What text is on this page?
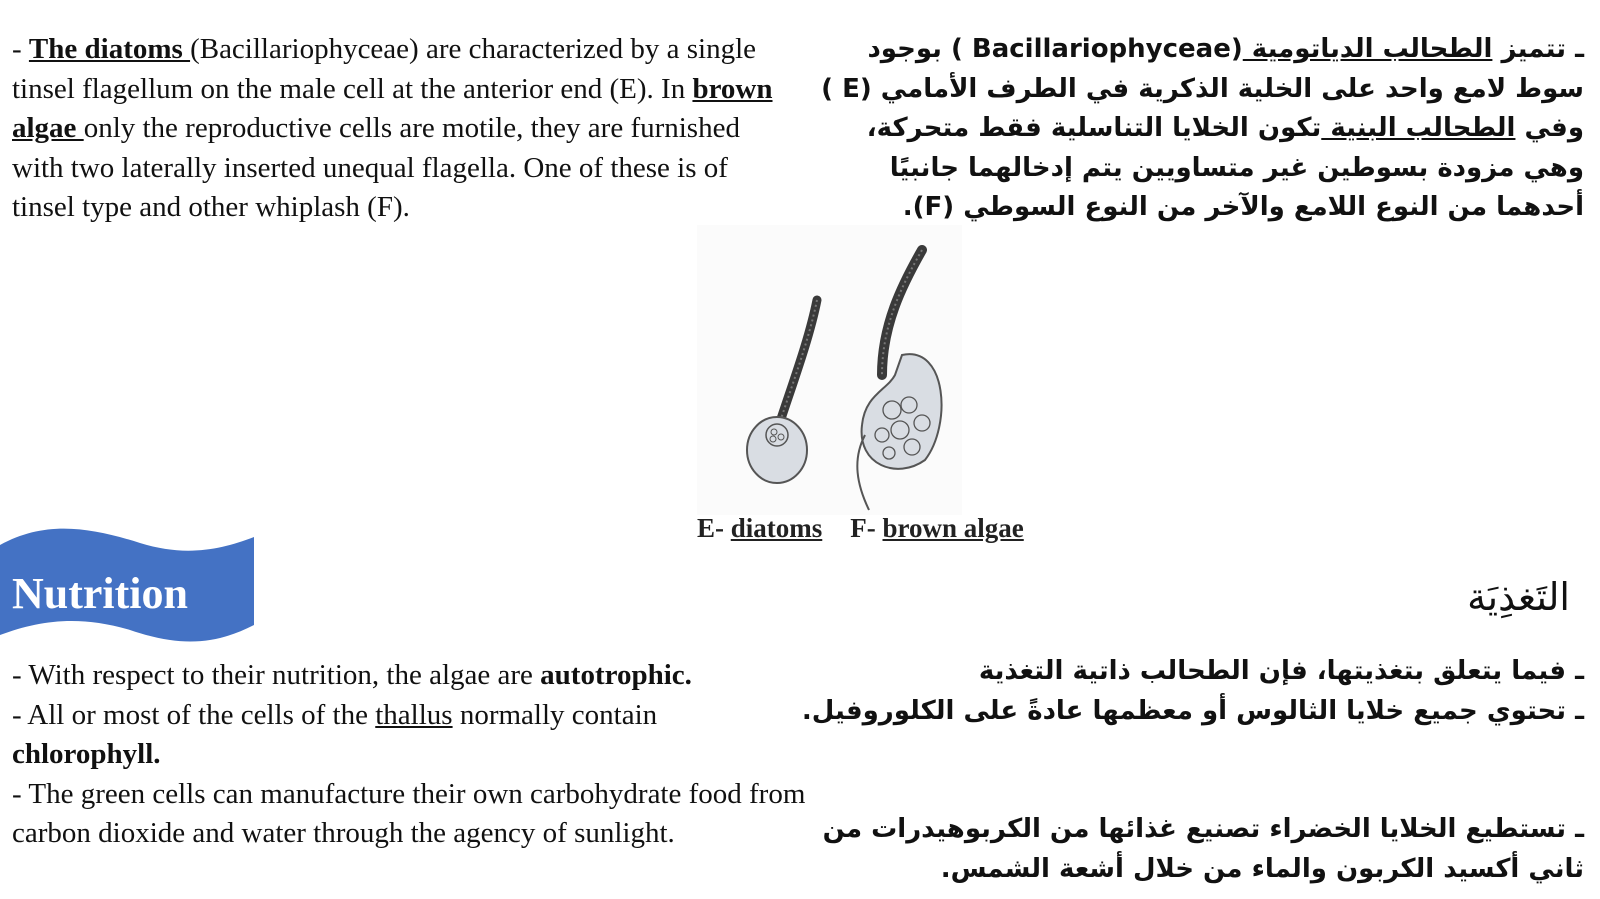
- The diatoms (Bacillariophyceae) are characterized by a single tinsel flagellum on the male cell at the anterior end (E). In brown algae only the reproductive cells are motile, they are furnished with two laterally inserted unequal flagella. One of these is of tinsel type and other whiplash (F).

ـ تتميز الطحالب الدياتومية (Bacillariophyceae ) بوجود سوط لامع واحد على الخلية الذكرية في الطرف الأمامي (E ) وفي الطحالب البنية تكون الخلايا التناسلية فقط متحركة، وهي مزودة بسوطين غير متساويين يتم إدخالهما جانبيًا أحدهما من النوع اللامع والآخر من النوع السوطي (F).

E- diatoms F- brown algae
Nutrition	التَغذِيَة

- With respect to their nutrition, the algae are autotrophic.

- All or most of the cells of the thallus normally contain chlorophyll.

- The green cells can manufacture their own carbohydrate food from carbon dioxide and water through the agency of sunlight.

ـ فيما يتعلق بتغذيتها، فإن الطحالب ذاتية التغذية

ـ تحتوي جميع خلايا الثالوس أو معظمها عادةً على الكلوروفيل.

ـ تستطيع الخلايا الخضراء تصنيع غذائها من الكربوهيدرات من ثاني أكسيد الكربون والماء من خلال أشعة الشمس.
